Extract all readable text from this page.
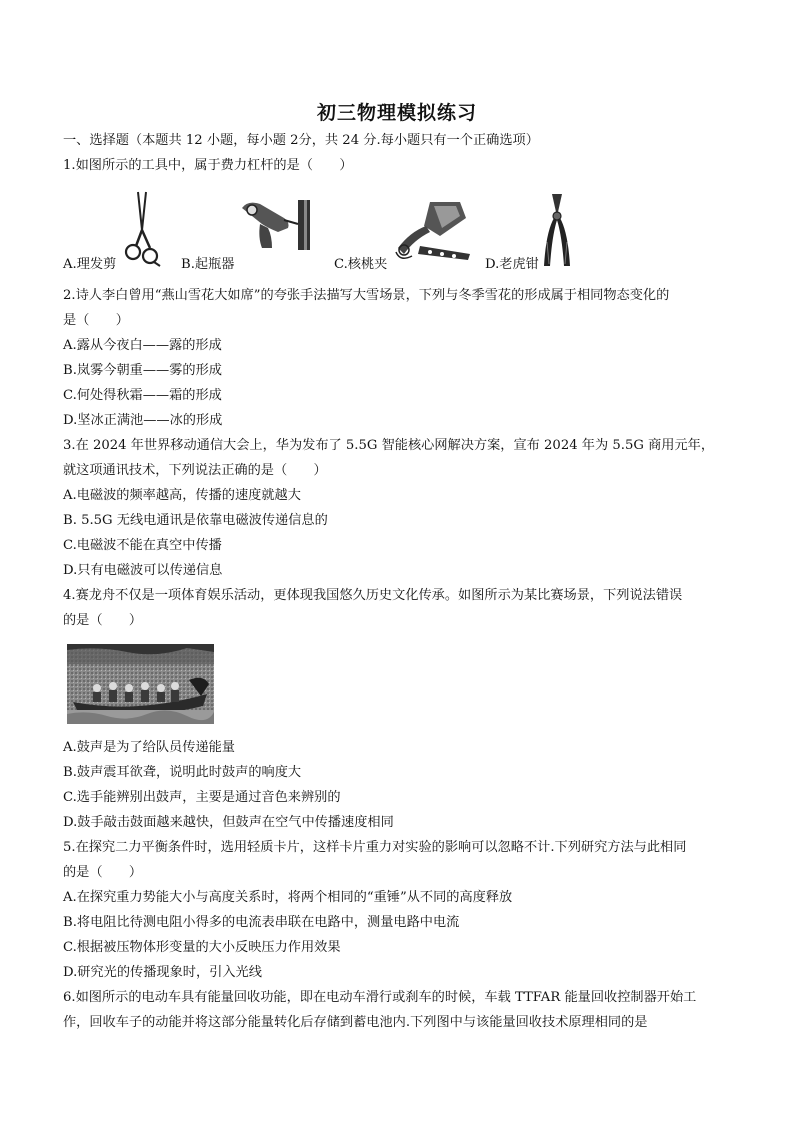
初三物理模拟练习
一、选择题（本题共 12 小题，每小题 2分，共 24 分.每小题只有一个正确选项）
1.如图所示的工具中，属于费力杠杆的是（　　）
A.理发剪	B.起瓶器	C.核桃夹	D.老虎钳
2.诗人李白曾用“燕山雪花大如席”的夸张手法描写大雪场景，下列与冬季雪花的形成属于相同物态变化的
是（　　）
A.露从今夜白——露的形成
B.岚雾今朝重——雾的形成
C.何处得秋霜——霜的形成
D.坚冰正满池——冰的形成
3.在 2024 年世界移动通信大会上，华为发布了 5.5G 智能核心网解决方案，宣布 2024 年为 5.5G 商用元年，
就这项通讯技术，下列说法正确的是（　　）
A.电磁波的频率越高，传播的速度就越大
B. 5.5G 无线电通讯是依靠电磁波传递信息的
C.电磁波不能在真空中传播
D.只有电磁波可以传递信息
4.赛龙舟不仅是一项体育娱乐活动，更体现我国悠久历史文化传承。如图所示为某比赛场景，下列说法错误
的是（　　）
A.鼓声是为了给队员传递能量
B.鼓声震耳欲聋，说明此时鼓声的响度大
C.选手能辨别出鼓声，主要是通过音色来辨别的
D.鼓手敲击鼓面越来越快，但鼓声在空气中传播速度相同
5.在探究二力平衡条件时，选用轻质卡片，这样卡片重力对实验的影响可以忽略不计.下列研究方法与此相同
的是（　　）
A.在探究重力势能大小与高度关系时，将两个相同的“重锤”从不同的高度释放
B.将电阻比待测电阻小得多的电流表串联在电路中，测量电路中电流
C.根据被压物体形变量的大小反映压力作用效果
D.研究光的传播现象时，引入光线
6.如图所示的电动车具有能量回收功能，即在电动车滑行或刹车的时候，车载 TTFAR 能量回收控制器开始工
作，回收车子的动能并将这部分能量转化后存储到蓄电池内.下列图中与该能量回收技术原理相同的是
